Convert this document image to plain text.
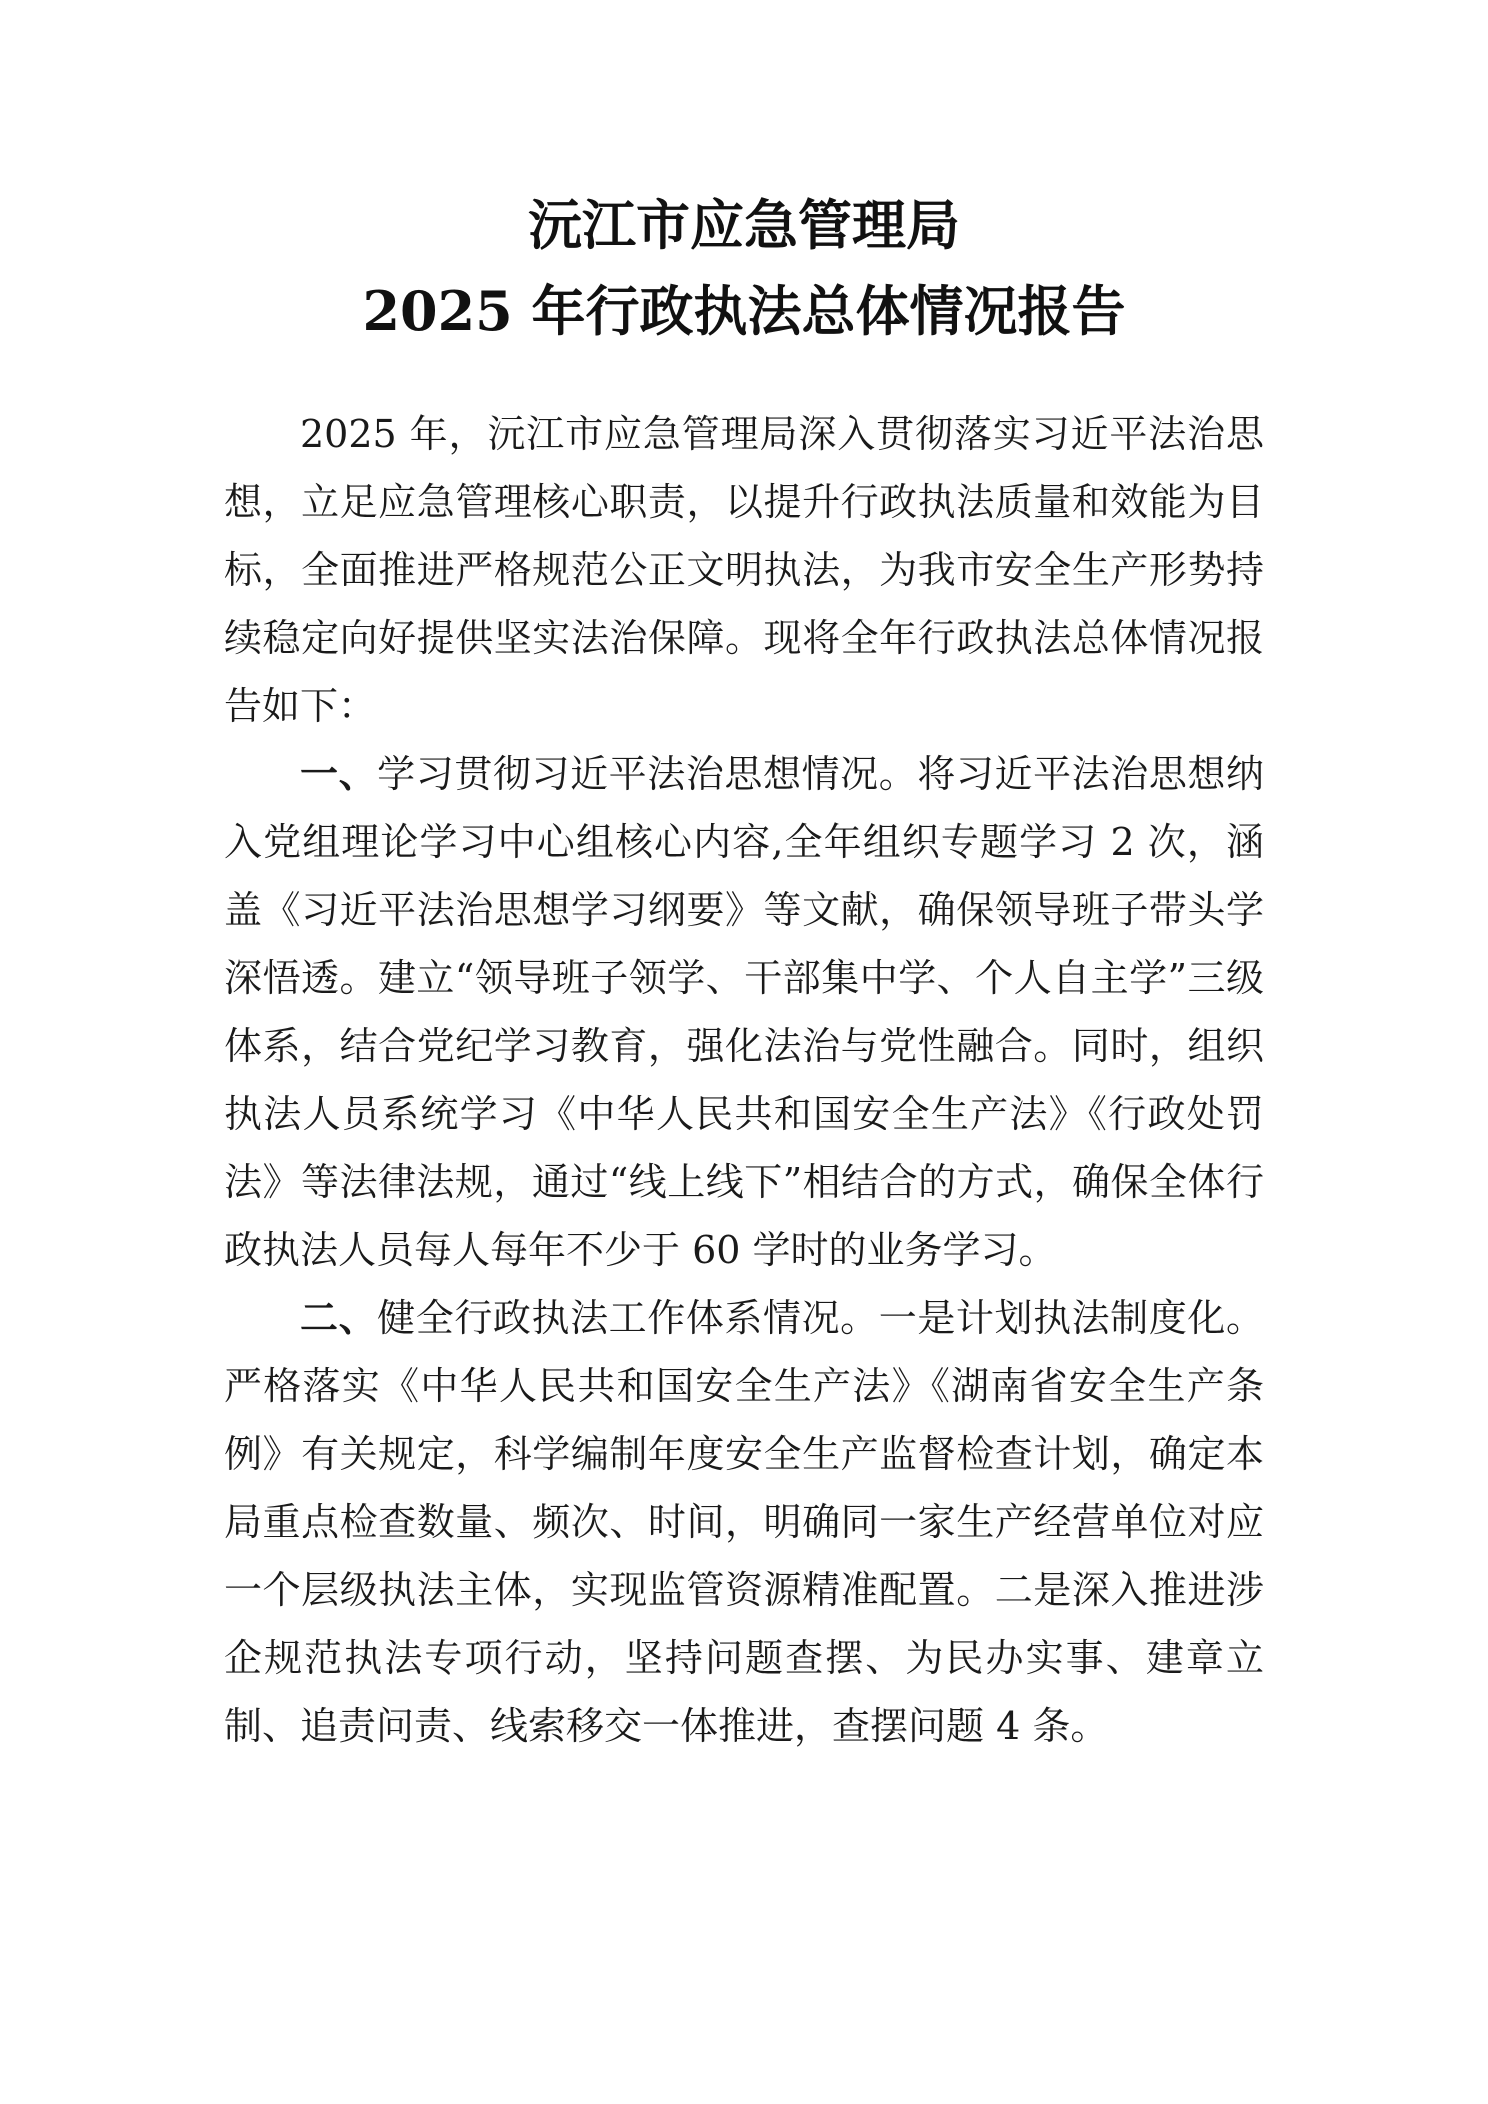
沅江市应急管理局
2025 年行政执法总体情况报告

2025 年，沅江市应急管理局深入贯彻落实习近平法治思想，立足应急管理核心职责，以提升行政执法质量和效能为目标，全面推进严格规范公正文明执法，为我市安全生产形势持续稳定向好提供坚实法治保障。现将全年行政执法总体情况报告如下：

一、学习贯彻习近平法治思想情况。将习近平法治思想纳入党组理论学习中心组核心内容,全年组织专题学习 2 次，涵盖《习近平法治思想学习纲要》等文献，确保领导班子带头学深悟透。建立“领导班子领学、干部集中学、个人自主学”三级体系，结合党纪学习教育，强化法治与党性融合。同时，组织执法人员系统学习《中华人民共和国安全生产法》《行政处罚法》等法律法规，通过“线上线下”相结合的方式，确保全体行政执法人员每人每年不少于 60 学时的业务学习。

二、健全行政执法工作体系情况。一是计划执法制度化。严格落实《中华人民共和国安全生产法》《湖南省安全生产条例》有关规定，科学编制年度安全生产监督检查计划，确定本局重点检查数量、频次、时间，明确同一家生产经营单位对应一个层级执法主体，实现监管资源精准配置。二是深入推进涉企规范执法专项行动，坚持问题查摆、为民办实事、建章立制、追责问责、线索移交一体推进，查摆问题 4 条。
